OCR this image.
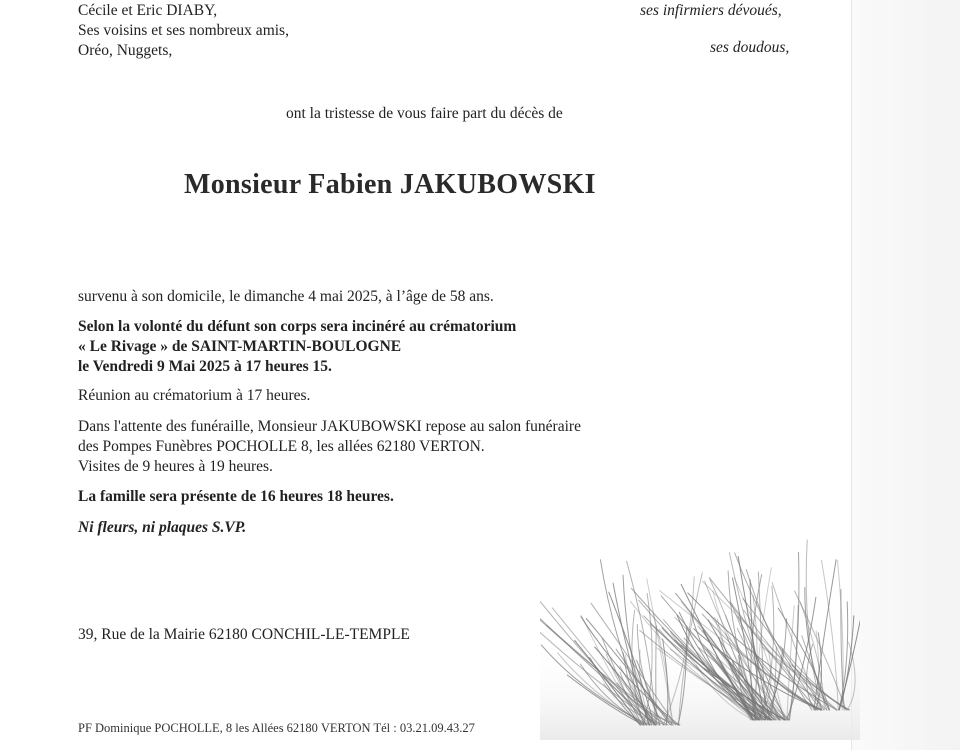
Cécile et Eric DIABY,
Ses voisins et ses nombreux amis,
Oréo, Nuggets,
ses infirmiers dévoués,
ses doudous,
ont la tristesse de vous faire part du décès de
Monsieur Fabien JAKUBOWSKI
survenu à son domicile, le dimanche 4 mai 2025, à l’âge de 58 ans.
Selon la volonté du défunt son corps sera incinéré au crématorium
« Le Rivage » de SAINT-MARTIN-BOULOGNE
le Vendredi 9 Mai 2025 à 17 heures 15.
Réunion au crématorium à 17 heures.
Dans l'attente des funéraille, Monsieur JAKUBOWSKI repose au salon funéraire
des Pompes Funèbres POCHOLLE 8, les allées 62180 VERTON.
Visites de 9 heures à 19 heures.
La famille sera présente de 16 heures 18 heures.
Ni fleurs, ni plaques S.VP.
39, Rue de la Mairie 62180 CONCHIL-LE-TEMPLE
PF Dominique POCHOLLE, 8 les Allées 62180 VERTON Tél : 03.21.09.43.27
